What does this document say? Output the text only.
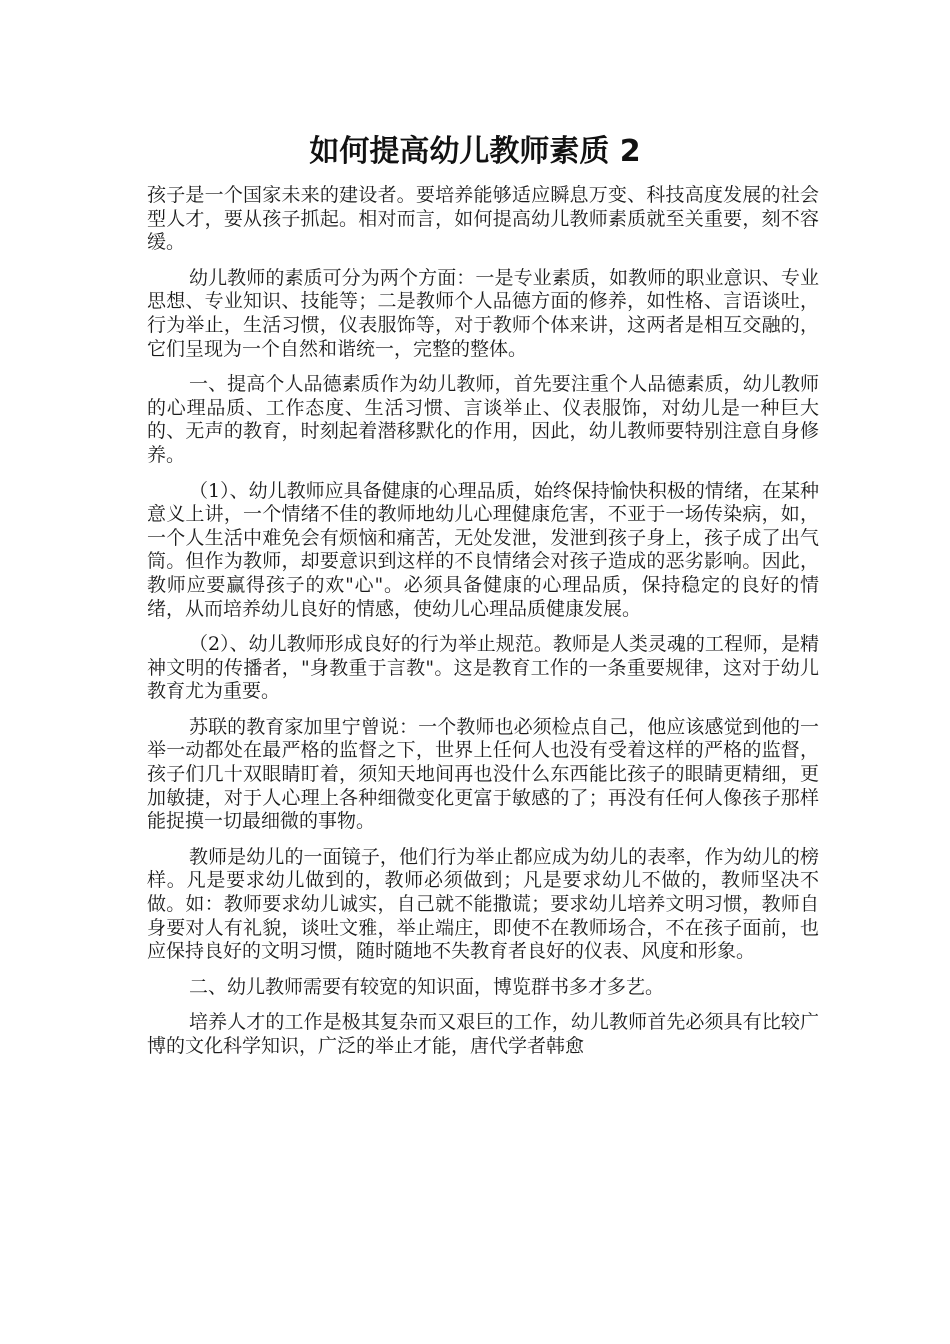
如何提高幼儿教师素质 2

孩子是一个国家未来的建设者。要培养能够适应瞬息万变、科技高度发展的社会型人才，要从孩子抓起。相对而言，如何提高幼儿教师素质就至关重要，刻不容缓。

幼儿教师的素质可分为两个方面：一是专业素质，如教师的职业意识、专业思想、专业知识、技能等；二是教师个人品德方面的修养，如性格、言语谈吐，行为举止，生活习惯，仪表服饰等，对于教师个体来讲，这两者是相互交融的，它们呈现为一个自然和谐统一，完整的整体。

一、提高个人品德素质作为幼儿教师，首先要注重个人品德素质，幼儿教师的心理品质、工作态度、生活习惯、言谈举止、仪表服饰，对幼儿是一种巨大的、无声的教育，时刻起着潜移默化的作用，因此，幼儿教师要特别注意自身修养。

（1）、幼儿教师应具备健康的心理品质，始终保持愉快积极的情绪，在某种意义上讲，一个情绪不佳的教师地幼儿心理健康危害，不亚于一场传染病，如，一个人生活中难免会有烦恼和痛苦，无处发泄，发泄到孩子身上，孩子成了出气筒。但作为教师，却要意识到这样的不良情绪会对孩子造成的恶劣影响。因此，教师应要赢得孩子的欢"心"。必须具备健康的心理品质，保持稳定的良好的情绪，从而培养幼儿良好的情感，使幼儿心理品质健康发展。

（2）、幼儿教师形成良好的行为举止规范。教师是人类灵魂的工程师，是精神文明的传播者，"身教重于言教"。这是教育工作的一条重要规律，这对于幼儿教育尤为重要。

苏联的教育家加里宁曾说：一个教师也必须检点自己，他应该感觉到他的一举一动都处在最严格的监督之下，世界上任何人也没有受着这样的严格的监督，孩子们几十双眼睛盯着，须知天地间再也没什么东西能比孩子的眼睛更精细，更加敏捷，对于人心理上各种细微变化更富于敏感的了；再没有任何人像孩子那样能捉摸一切最细微的事物。

教师是幼儿的一面镜子，他们行为举止都应成为幼儿的表率，作为幼儿的榜样。凡是要求幼儿做到的，教师必须做到；凡是要求幼儿不做的，教师坚决不做。如：教师要求幼儿诚实，自己就不能撒谎；要求幼儿培养文明习惯，教师自身要对人有礼貌，谈吐文雅，举止端庄，即使不在教师场合，不在孩子面前，也应保持良好的文明习惯，随时随地不失教育者良好的仪表、风度和形象。

二、幼儿教师需要有较宽的知识面，博览群书多才多艺。

培养人才的工作是极其复杂而又艰巨的工作，幼儿教师首先必须具有比较广博的文化科学知识，广泛的举止才能，唐代学者韩愈
